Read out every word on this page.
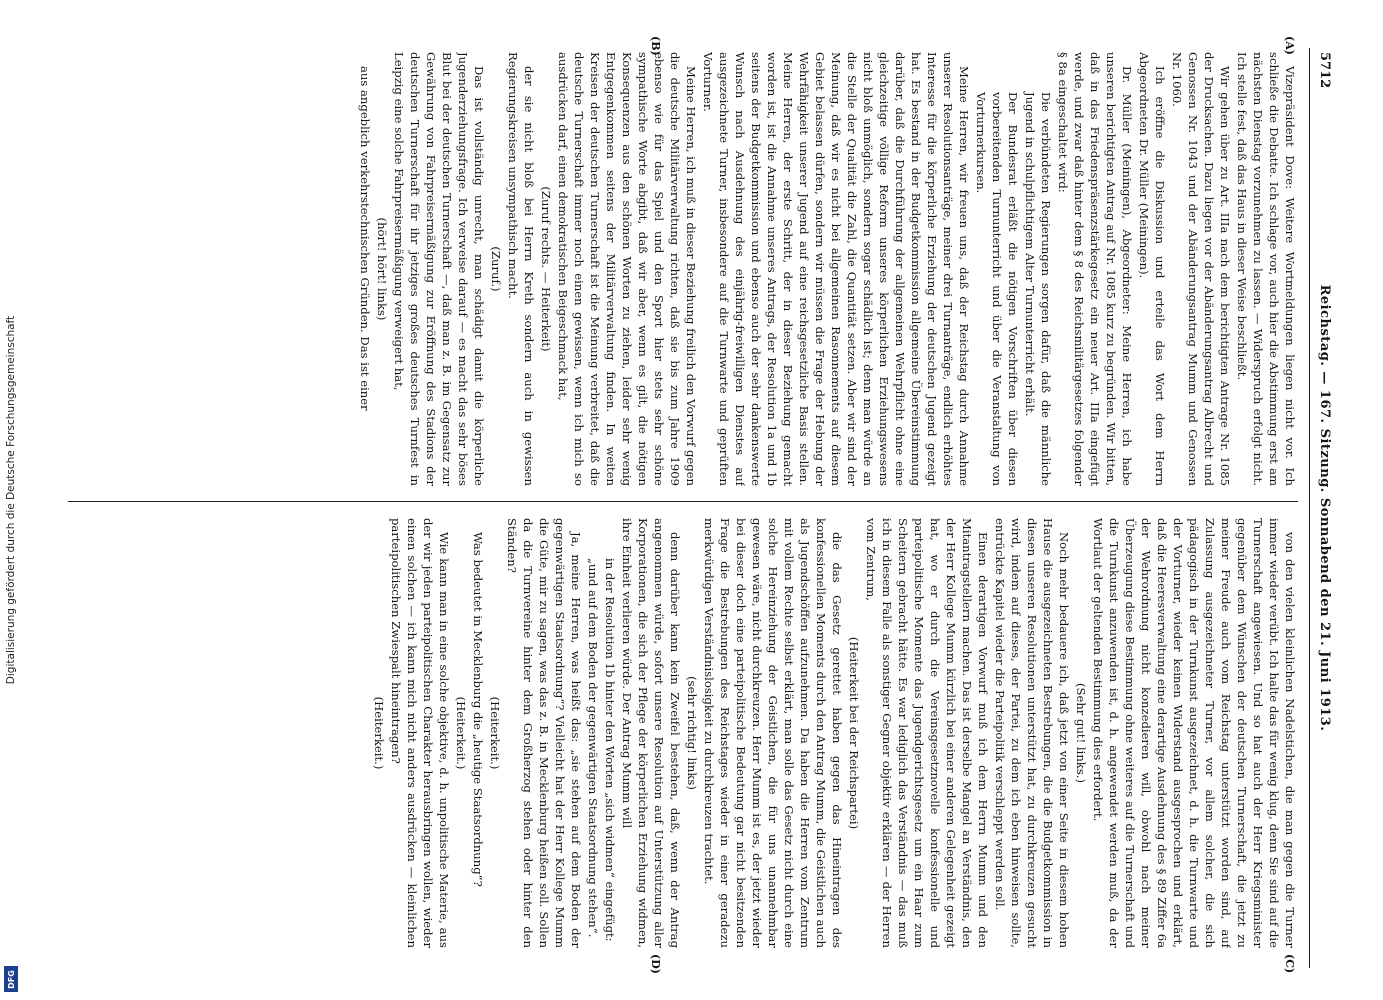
Digitalisierung gefördert durch die Deutsche Forschungsgemeinschaft
DFG
5712
Reichstag. — 167. Sitzung. Sonnabend den 21. Juni 1913.
(A)
(B)
(C)
(D)

Vizepräsident Dove: Weitere Wortmeldungen liegen nicht vor. Ich schließe die Debatte. Ich schlage vor, auch hier die Abstimmung erst am nächsten Dienstag vorzunehmen zu lassen. — Widerspruch erfolgt nicht. Ich stelle fest, daß das Haus in dieser Weise beschließt.

Wir gehen über zu Art. IIIa nach dem berichtigten Antrage Nr. 1085 der Drucksachen. Dazu liegen vor der Abänderungsantrag Albrecht und Genossen Nr. 1043 und der Abänderungsantrag Mumm und Genossen Nr. 1060.

Ich eröffne die Diskussion und erteile das Wort dem Herrn Abgeordneten Dr. Müller (Meiningen).

Dr. Müller (Meiningen), Abgeordneter: Meine Herren, ich habe unseren berichtigten Antrag auf Nr. 1085 kurz zu begründen. Wir bitten, daß in das Friedenspräsenzstärkegesetz ein neuer Art. IIIa eingefügt werde, und zwar daß hinter dem § 8 des Reichsmilitärgesetzes folgender § 8a eingeschaltet wird:

Die verbündeten Regierungen sorgen dafür, daß die männliche Jugend in schulpflichtigem Alter Turnunterricht erhält.

Der Bundesrat erläßt die nötigen Vorschriften über diesen vorbereitenden Turnunterricht und über die Veranstaltung von Vorturnerkursen.

Meine Herren, wir freuen uns, daß der Reichstag durch Annahme unserer Resolutionsanträge, meiner drei Turnanträge, endlich erhöhtes Interesse für die körperliche Erziehung der deutschen Jugend gezeigt hat. Es bestand in der Budgetkommission allgemeine Übereinstimmung darüber, daß die Durchführung der allgemeinen Wehrpflicht ohne eine gleichzeitige völlige Reform unseres körperlichen Erziehungswesens nicht bloß unmöglich, sondern sogar schädlich ist; denn man würde an die Stelle der Qualität die Zahl, die Quantität setzen. Aber wir sind der Meinung, daß wir es nicht bei allgemeinen Rasonnements auf diesem Gebiet belassen dürfen, sondern wir müssen die Frage der Hebung der Wehrfähigkeit unserer Jugend auf eine reichsgesetzliche Basis stellen. Meine Herren, der erste Schritt, der in dieser Beziehung gemacht worden ist, ist die Annahme unseres Antrags, der Resolution 1a und 1b seitens der Budgetkommission und ebenso auch der sehr dankenswerte Wunsch nach Ausdehnung des einjährig-freiwilligen Dienstes auf ausgezeichnete Turner, insbesondere auf die Turnwarte und geprüften Vorturner.

Meine Herren, ich muß in dieser Beziehung freilich den Vorwurf gegen die deutsche Militärverwaltung richten, daß sie bis zum Jahre 1909 ebenso wie für das Spiel und den Sport hier stets sehr schöne sympathische Worte abgibt, daß wir aber, wenn es gilt, die nötigen Konsequenzen aus den schönen Worten zu ziehen, leider sehr wenig Entgegenkommen seitens der Militärverwaltung finden. In weiten Kreisen der deutschen Turnerschaft ist die Meinung verbreitet, daß die deutsche Turnerschaft immer noch einen gewissen, wenn ich mich so ausdrücken darf, einen demokratischen Beigeschmack hat,

(Zuruf rechts. — Heiterkeit)

der sie nicht bloß bei Herrn Kreth sondern auch in gewissen Regierungskreisen unsympathisch macht.

(Zuruf.)

Das ist vollständig unrecht, man schädigt damit die körperliche Jugenderziehungsfrage. Ich verweise darauf — es macht das sehr böses Blut bei der deutschen Turnerschaft —, daß man z. B. im Gegensatz zur Gewährung von Fahrpreisermäßigung zur Eröffnung des Stadions der deutschen Turnerschaft für ihr jetziges großes deutsches Turnfest in Leipzig eine solche Fahrpreisermäßigung verweigert hat,

(hört! hört! links)

aus angeblich verkehrstechnischen Gründen. Das ist einer

von den vielen kleinlichen Nadelstichen, die man gegen die Turner immer wieder verübt. Ich halte das für wenig klug, denn Sie sind auf die Turnerschaft angewiesen. Und so hat auch der Herr Kriegsminister gegenüber dem Wünschen der deutschen Turnerschaft, die jetzt zu meiner Freude auch vom Reichstag unterstützt worden sind, auf Zulassung ausgezeichneter Turner, vor allem solcher, die sich pädagogisch in der Turnkunst ausgezeichnet, d. h. die Turnwarte und der Vorturner, wieder keinen Widerstand ausgesprochen und erklärt, daß die Heeresverwaltung eine derartige Ausdehnung des § 89 Ziffer 6a der Wehrordnung nicht konzedieren will, obwohl nach meiner Überzeugung diese Bestimmung ohne weiteres auf die Turnerschaft und die Turnkunst anzuwenden ist, d. h. angewendet werden muß, da der Wortlaut der geltenden Bestimmung dies erfordert.

(Sehr gut! links.)

Noch mehr bedauere ich, daß jetzt von einer Seite in diesem hohen Hause die ausgezeichneten Bestrebungen, die die Budgetkommission in diesen unseren Resolutionen unterstützt hat, zu durchkreuzen gesucht wird, indem auf dieses, der Partei, zu dem ich eben hinweisen sollte, entrückte Kapitel wieder die Parteipolitik verschleppt werden soll.

Einen derartigen Vorwurf muß ich dem Herrn Mumm und den Mitantragstellern machen. Das ist derselbe Mangel an Verständnis, den der Herr Kollege Mumm kürzlich bei einer anderen Gelegenheit gezeigt hat, wo er durch die Vereinsgesetznovelle konfessionelle und parteipolitische Momente das Jugendgerichtsgesetz um ein Haar zum Scheitern gebracht hätte. Es war lediglich das Verständnis — das muß ich in diesem Falle als sonstiger Gegner objektiv erklären — der Herren vom Zentrum,

(Heiterkeit bei der Reichspartei)

die das Gesetz gerettet haben gegen das Hineintragen des konfessionellen Moments durch den Antrag Mumm, die Geistlichen auch als Jugendschöffen aufzunehmen. Da haben die Herren vom Zentrum mit vollem Rechte selbst erklärt, man solle das Gesetz nicht durch eine solche Hereinziehung der Geistlichen, die für uns unannehmbar gewesen wäre, nicht durchkreuzen. Herr Mumm ist es, der jetzt wieder bei dieser doch eine parteipolitische Bedeutung gar nicht besitzenden Frage die Bestrebungen des Reichstages wieder in einer geradezu merkwürdigen Verständnislosigkeit zu durchkreuzen trachtet.

(sehr richtig! links)

denn darüber kann kein Zweifel bestehen, daß, wenn der Antrag angenommen würde, sofort unsere Resolution auf Unterstützung aller Korporationen, die sich der Pflege der körperlichen Erziehung widmen, ihre Einheit verlieren würde. Der Antrag Mumm will

in der Resolution 1b hinter den Worten „sich widmen“ eingefügt:

„und auf dem Boden der gegenwärtigen Staatsordnung stehen“.

Ja, meine Herren, was heißt das: „sie stehen auf dem Boden der gegenwärtigen Staatsordnung“? Vielleicht hat der Herr Kollege Mumm die Güte, mir zu sagen, was das z. B. in Mecklenburg heißen soll. Sollen da die Turnvereine hinter dem Großherzog stehen oder hinter den Ständen?

(Heiterkeit.)

Was bedeutet in Mecklenburg die „heutige Staatsordnung“?

(Heiterkeit.)

Wie kann man in eine solche objektive, d. h. unpolitische Materie, aus der wir jeden parteipolitischen Charakter herausbringen wollen, wieder einen solchen — ich kann mich nicht anders ausdrücken — kleinlichen parteipolitischen Zwiespalt hineintragen?

(Heiterkeit.)
